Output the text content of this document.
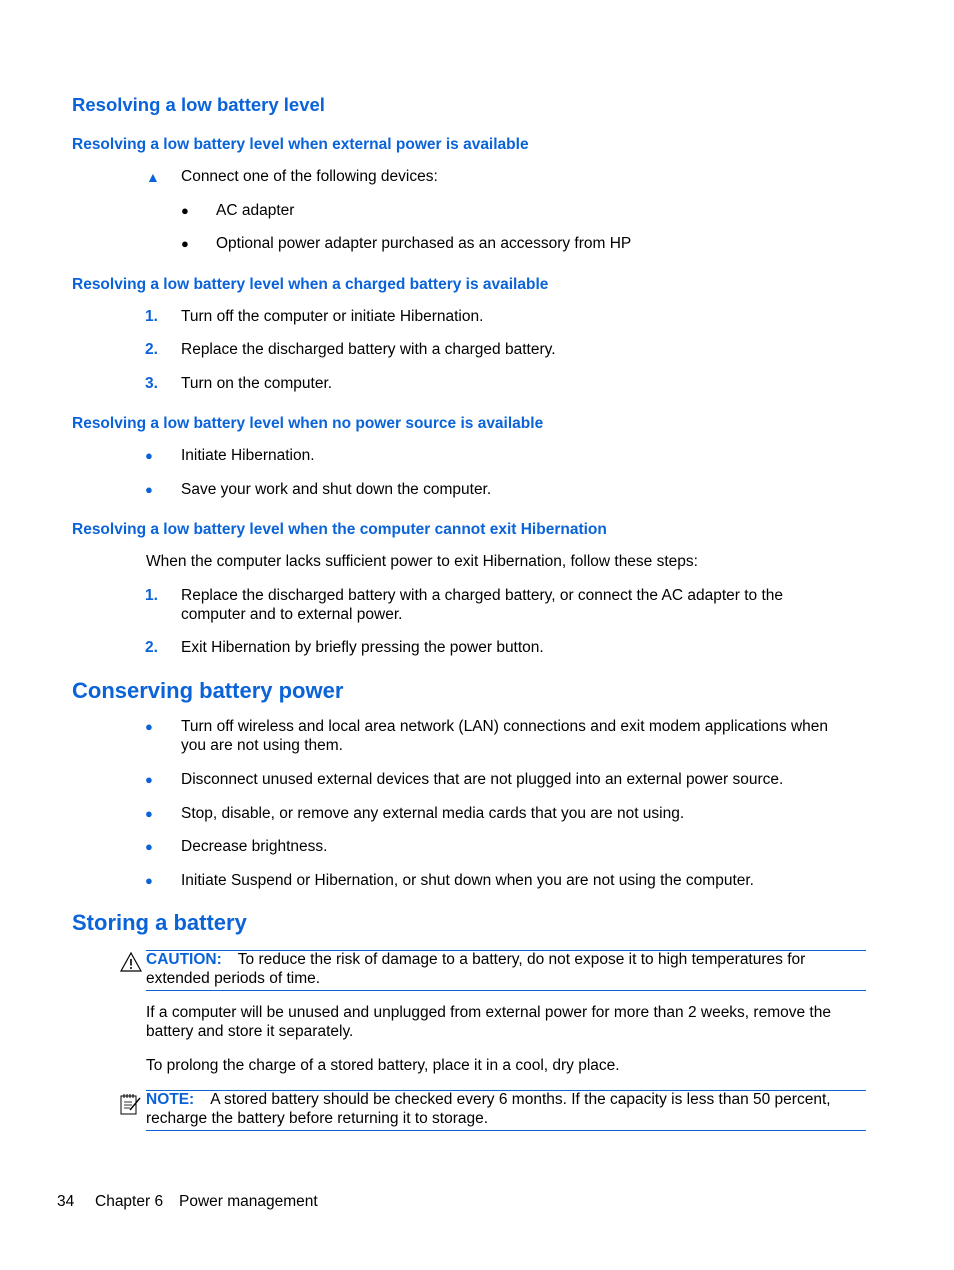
Resolving a low battery level
Resolving a low battery level when external power is available
▲ Connect one of the following devices:
● AC adapter
● Optional power adapter purchased as an accessory from HP
Resolving a low battery level when a charged battery is available
1. Turn off the computer or initiate Hibernation.
2. Replace the discharged battery with a charged battery.
3. Turn on the computer.
Resolving a low battery level when no power source is available
● Initiate Hibernation.
● Save your work and shut down the computer.
Resolving a low battery level when the computer cannot exit Hibernation
When the computer lacks sufficient power to exit Hibernation, follow these steps:
1. Replace the discharged battery with a charged battery, or connect the AC adapter to the
computer and to external power.
2. Exit Hibernation by briefly pressing the power button.
Conserving battery power
● Turn off wireless and local area network (LAN) connections and exit modem applications when
you are not using them.
● Disconnect unused external devices that are not plugged into an external power source.
● Stop, disable, or remove any external media cards that you are not using.
● Decrease brightness.
● Initiate Suspend or Hibernation, or shut down when you are not using the computer.
Storing a battery
CAUTION: To reduce the risk of damage to a battery, do not expose it to high temperatures for
extended periods of time.
If a computer will be unused and unplugged from external power for more than 2 weeks, remove the
battery and store it separately.
To prolong the charge of a stored battery, place it in a cool, dry place.
NOTE: A stored battery should be checked every 6 months. If the capacity is less than 50 percent,
recharge the battery before returning it to storage.
34 Chapter 6 Power management
